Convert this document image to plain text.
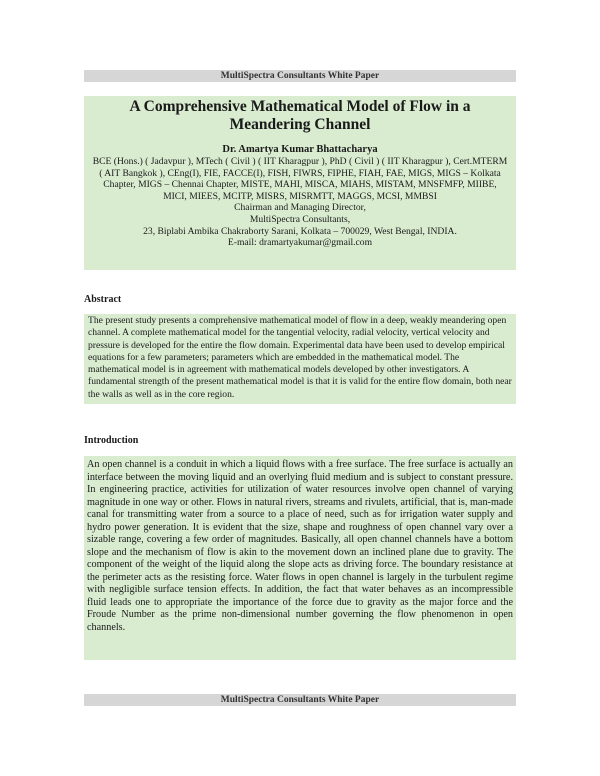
MultiSpectra Consultants White Paper
A Comprehensive Mathematical Model of Flow in a Meandering Channel
Dr. Amartya Kumar Bhattacharya
BCE (Hons.) ( Jadavpur ), MTech ( Civil ) ( IIT Kharagpur ), PhD ( Civil ) ( IIT Kharagpur ), Cert.MTERM ( AIT Bangkok ), CEng(I), FIE, FACCE(I), FISH, FIWRS, FIPHE, FIAH, FAE, MIGS, MIGS – Kolkata Chapter, MIGS – Chennai Chapter, MISTE, MAHI, MISCA, MIAHS, MISTAM, MNSFMFP, MIIBE, MICI, MIEES, MCITP, MISRS, MISRMTT, MAGGS, MCSI, MMBSI
Chairman and Managing Director,
MultiSpectra Consultants,
23, Biplabi Ambika Chakraborty Sarani, Kolkata – 700029, West Bengal, INDIA.
E-mail: dramartyakumar@gmail.com
Abstract
The present study presents a comprehensive mathematical model of flow in a deep, weakly meandering open channel. A complete mathematical model for the tangential velocity, radial velocity, vertical velocity and pressure is developed for the entire the flow domain. Experimental data have been used to develop empirical equations for a few parameters; parameters which are embedded in the mathematical model. The mathematical model is in agreement with mathematical models developed by other investigators. A fundamental strength of the present mathematical model is that it is valid for the entire flow domain, both near the walls as well as in the core region.
Introduction
An open channel is a conduit in which a liquid flows with a free surface. The free surface is actually an interface between the moving liquid and an overlying fluid medium and is subject to constant pressure. In engineering practice, activities for utilization of water resources involve open channel of varying magnitude in one way or other. Flows in natural rivers, streams and rivulets, artificial, that is, man-made canal for transmitting water from a source to a place of need, such as for irrigation water supply and hydro power generation. It is evident that the size, shape and roughness of open channel vary over a sizable range, covering a few order of magnitudes. Basically, all open channel channels have a bottom slope and the mechanism of flow is akin to the movement down an inclined plane due to gravity. The component of the weight of the liquid along the slope acts as driving force. The boundary resistance at the perimeter acts as the resisting force. Water flows in open channel is largely in the turbulent regime with negligible surface tension effects. In addition, the fact that water behaves as an incompressible fluid leads one to appropriate the importance of the force due to gravity as the major force and the Froude Number as the prime non-dimensional number governing the flow phenomenon in open channels.
MultiSpectra Consultants White Paper
